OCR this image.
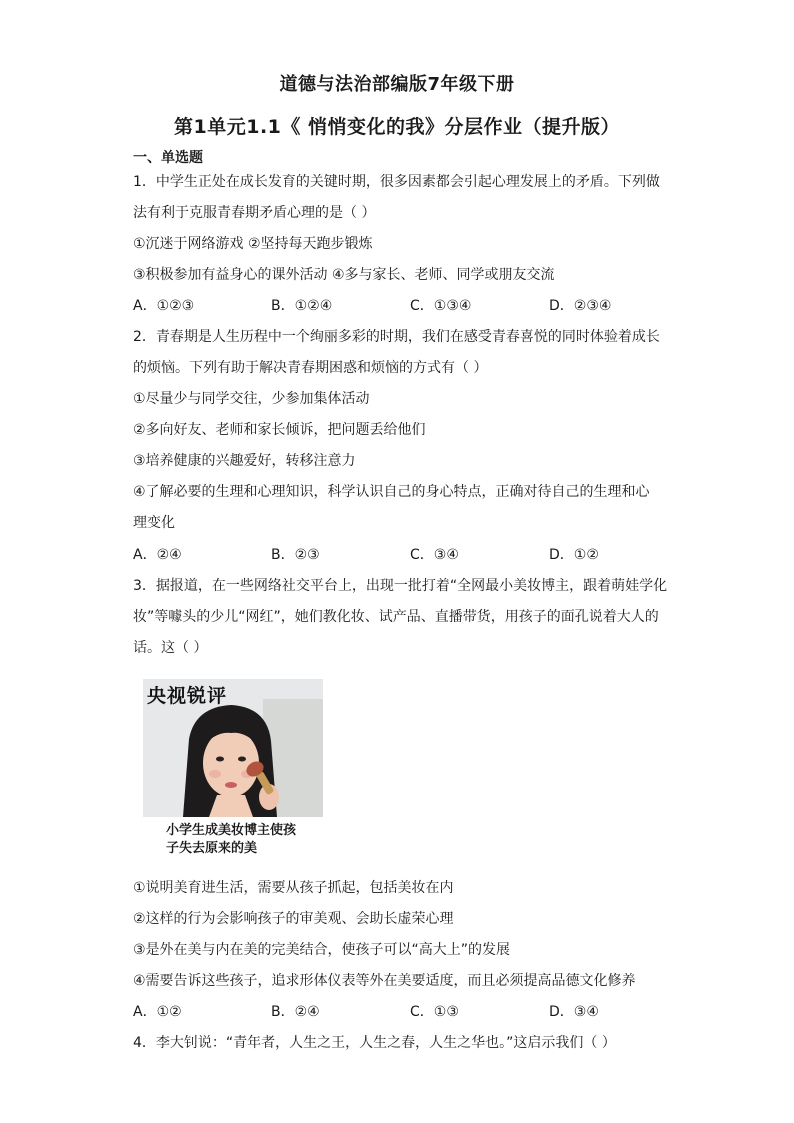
道德与法治部编版7年级下册
第1单元1.1《 悄悄变化的我》分层作业（提升版）
一、单选题
1．中学生正处在成长发育的关键时期，很多因素都会引起心理发展上的矛盾。下列做
法有利于克服青春期矛盾心理的是（ ）
①沉迷于网络游戏 ②坚持每天跑步锻炼
③积极参加有益身心的课外活动 ④多与家长、老师、同学或朋友交流
A．①②③	B．①②④	C．①③④	D．②③④
2．青春期是人生历程中一个绚丽多彩的时期，我们在感受青春喜悦的同时体验着成长
的烦恼。下列有助于解决青春期困惑和烦恼的方式有（ ）
①尽量少与同学交往，少参加集体活动
②多向好友、老师和家长倾诉，把问题丢给他们
③培养健康的兴趣爱好，转移注意力
④了解必要的生理和心理知识，科学认识自己的身心特点，正确对待自己的生理和心
理变化
A．②④	B．②③	C．③④	D．①②
3．据报道，在一些网络社交平台上，出现一批打着“全网最小美妆博主，跟着萌娃学化
妆”等噱头的少儿“网红”，她们教化妆、试产品、直播带货，用孩子的面孔说着大人的
话。这（ ）
央视锐评
小学生成美妆博主使孩
子失去原来的美
①说明美育进生活，需要从孩子抓起，包括美妆在内
②这样的行为会影响孩子的审美观、会助长虚荣心理
③是外在美与内在美的完美结合，使孩子可以“高大上”的发展
④需要告诉这些孩子，追求形体仪表等外在美要适度，而且必须提高品德文化修养
A．①②	B．②④	C．①③	D．③④
4．李大钊说：“青年者，人生之王，人生之春，人生之华也。”这启示我们（ ）
